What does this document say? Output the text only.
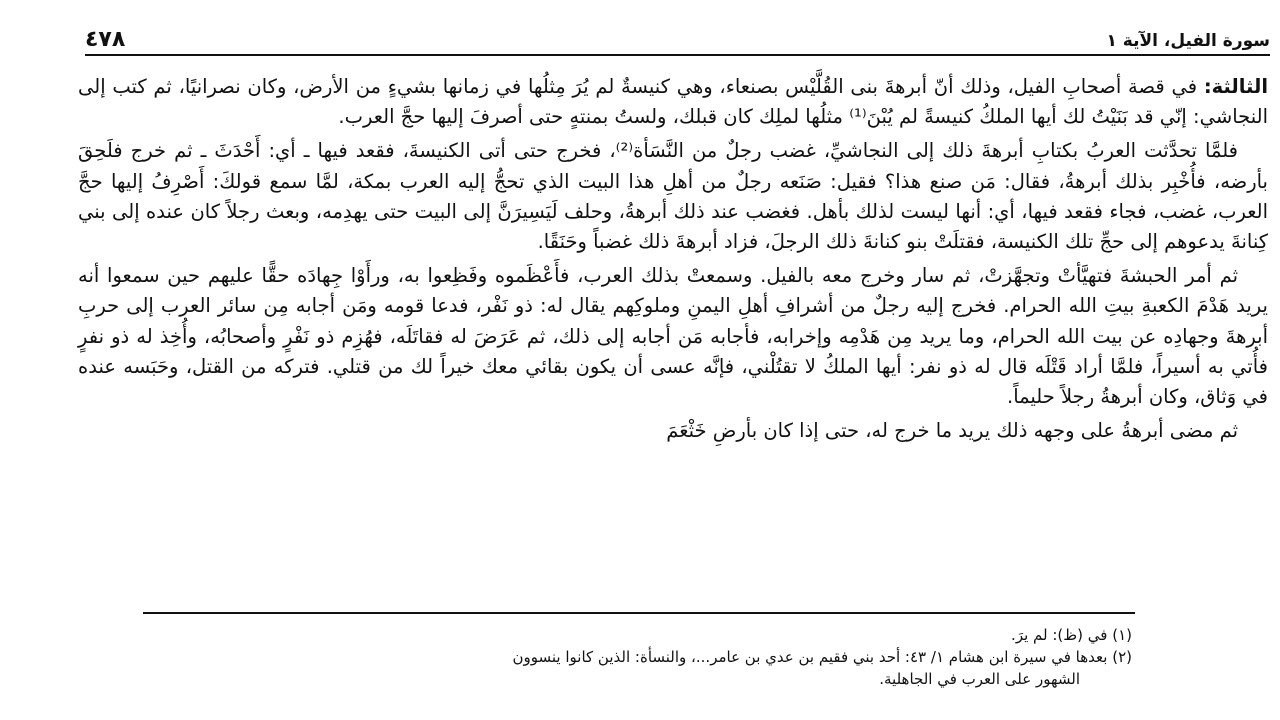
سورة الفيل، الآية ١
٤٧٨

الثالثة: في قصة أصحابِ الفيل، وذلك أنّ أبرهةَ بنى القُلَّيْس بصنعاء، وهي كنيسةٌ لم يُرَ مِثلُها في زمانها بشيءٍ من الأرض، وكان نصرانيًا، ثم كتب إلى النجاشي: إنّي قد بَنَيْتُ لك أيها الملكُ كنيسةً لم يُبْنَ⁽¹⁾ مثلُها لملِك كان قبلك، ولستُ بمنتهٍ حتى أصرفَ إليها حجَّ العرب.

فلمَّا تحدَّثت العربُ بكتابِ أبرهةَ ذلك إلى النجاشيِّ، غضب رجلٌ من النَّسَأة⁽²⁾، فخرج حتى أتى الكنيسةَ، فقعد فيها ـ أي: أَحْدَثَ ـ ثم خرج فلَحِقَ بأرضه، فأُخْبِر بذلك أبرهةُ، فقال: مَن صنع هذا؟ فقيل: صَنَعه رجلٌ من أهلِ هذا البيت الذي تحجُّ إليه العرب بمكة، لمَّا سمع قولكَ: أَصْرِفُ إليها حجَّ العرب، غضب، فجاء فقعد فيها، أي: أنها ليست لذلك بأهل. فغضب عند ذلك أبرهةُ، وحلف لَيَسِيرَنَّ إلى البيت حتى يهدِمه، وبعث رجلاً كان عنده إلى بني كِنانةَ يدعوهم إلى حجِّ تلك الكنيسة، فقتلَتْ بنو كنانةَ ذلك الرجلَ، فزاد أبرهةَ ذلك غضباً وحَنَقًا.

ثم أمر الحبشةَ فتهيَّأتْ وتجهَّزتْ، ثم سار وخرج معه بالفيل. وسمعتْ بذلك العرب، فأَعْظَموه وفَظِعوا به، ورأَوْا جِهادَه حقًّا عليهم حين سمعوا أنه يريد هَدْمَ الكعبةِ بيتِ الله الحرام. فخرج إليه رجلٌ من أشرافِ أهلِ اليمنِ وملوكِهم يقال له: ذو نَفْر، فدعا قومه ومَن أجابه مِن سائر العرب إلى حربِ أبرهةَ وجهادِه عن بيت الله الحرام، وما يريد مِن هَدْمِه وإخرابه، فأجابه مَن أجابه إلى ذلك، ثم عَرَضَ له فقاتَلَه، فهُزِم ذو نَفْرٍ وأصحابُه، وأُخِذ له ذو نفرٍ فأُتي به أسيراً، فلمَّا أراد قَتْلَه قال له ذو نفر: أيها الملكُ لا تقتُلْني، فإنَّه عسى أن يكون بقائي معك خيراً لك من قتلي. فتركه من القتل، وحَبَسه عنده في وَثاق، وكان أبرهةُ رجلاً حليماً.

ثم مضى أبرهةُ على وجهه ذلك يريد ما خرج له، حتى إذا كان بأرضِ خَثْعَمَ

(١) في (ظ): لم يرَ.
(٢) بعدها في سيرة ابن هشام ١/ ٤٣: أحد بني فقيم بن عدي بن عامر...، والنسأة: الذين كانوا ينسوون
الشهور على العرب في الجاهلية.
